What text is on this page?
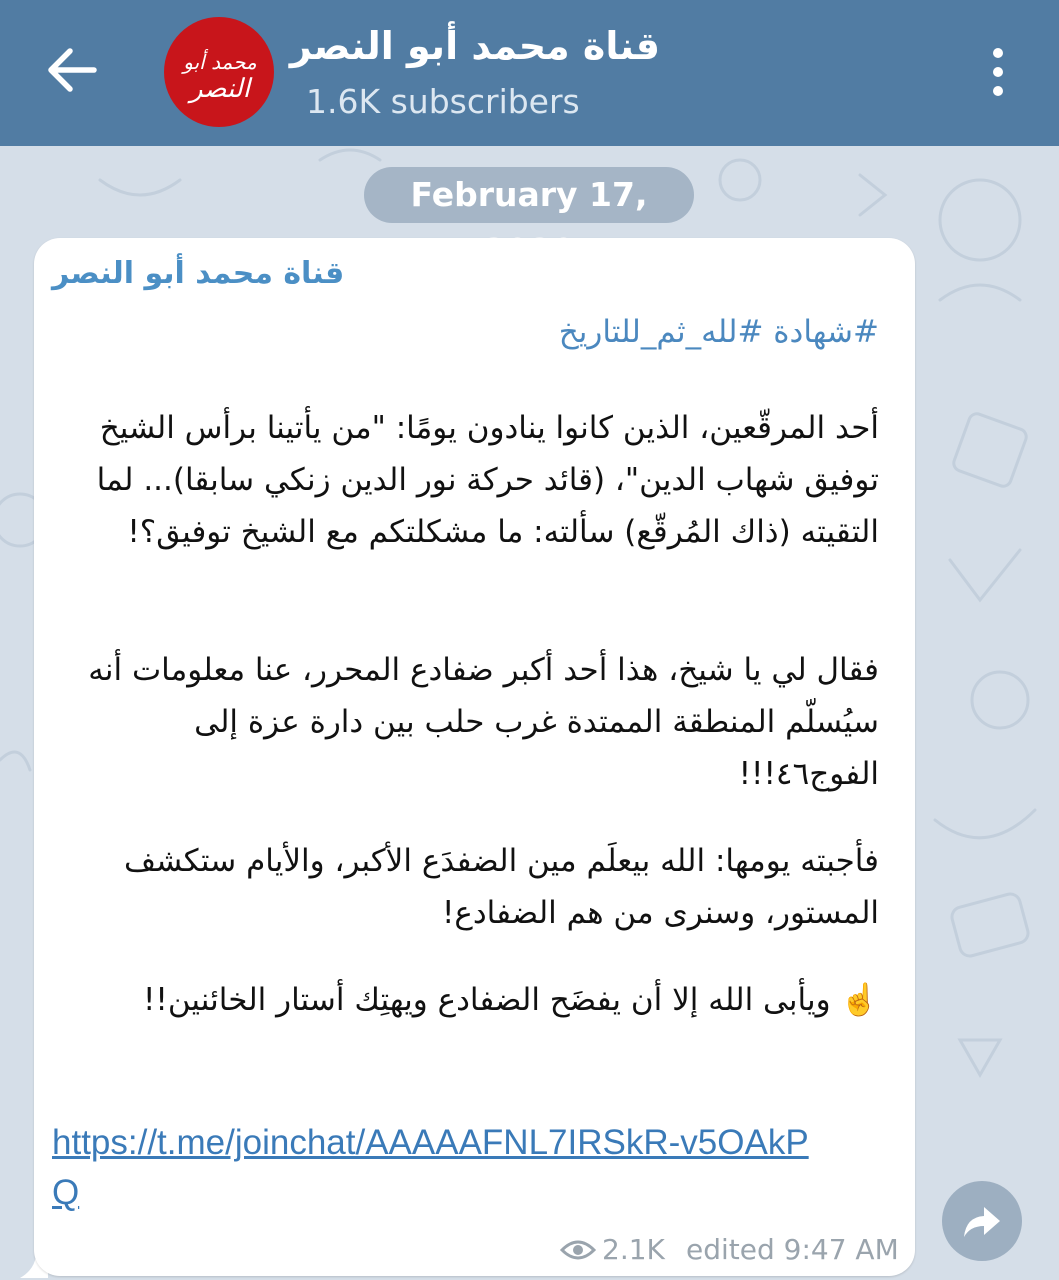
محمد أبو
النصر
قناة محمد أبو النصر
1.6K subscribers
February 17,
قناة محمد أبو النصر
#شهادة #لله_ثم_للتاريخ
أحد المرقّعين، الذين كانوا ينادون يومًا: "من يأتينا برأس الشيخ توفيق شهاب الدين"، (قائد حركة نور الدين زنكي سابقا)... لما التقيته (ذاك المُرقّع) سألته: ما مشكلتكم مع الشيخ توفيق؟!
فقال لي يا شيخ، هذا أحد أكبر ضفادع المحرر، عنا معلومات أنه سيُسلّم المنطقة الممتدة غرب حلب بين دارة عزة إلى الفوج٤٦!!!
فأجبته يومها: الله بيعلَم مين الضفدَع الأكبر، والأيام ستكشف المستور، وسنرى من هم الضفادع!
☝️ ويأبى الله إلا أن يفضَح الضفادع ويهتِك أستار الخائنين!!
https://t.me/joinchat/AAAAAFNL7IRSkR-v5OAkPQ
2.1K edited 9:47 AM
